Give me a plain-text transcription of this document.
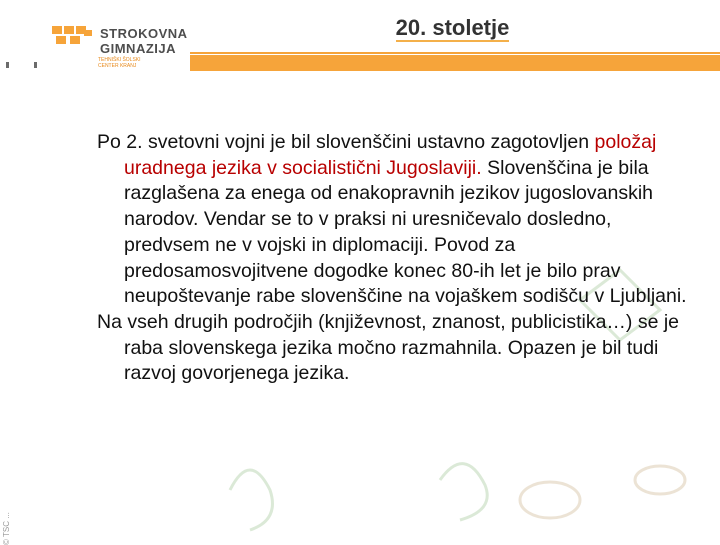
STROKOVNA
GIMNAZIJA
TEHNIŠKI ŠOLSKI
CENTER KRANJ
20. stoletje

Po 2. svetovni vojni je bil slovenščini ustavno zagotovljen položaj uradnega jezika v socialistični Jugoslaviji. Slovenščina je bila razglašena za enega od enakopravnih jezikov jugoslovanskih narodov. Vendar se to v praksi ni uresničevalo dosledno, predvsem ne v vojski in diplomaciji. Povod za predosamosvojitvene dogodke konec 80-ih let je bilo prav neupoštevanje rabe slovenščine na vojaškem sodišču v Ljubljani.

Na vseh drugih področjih (književnost, znanost, publicistika…) se je raba slovenskega jezika močno razmahnila. Opazen je bil tudi razvoj govorjenega jezika.

© TSC ...
